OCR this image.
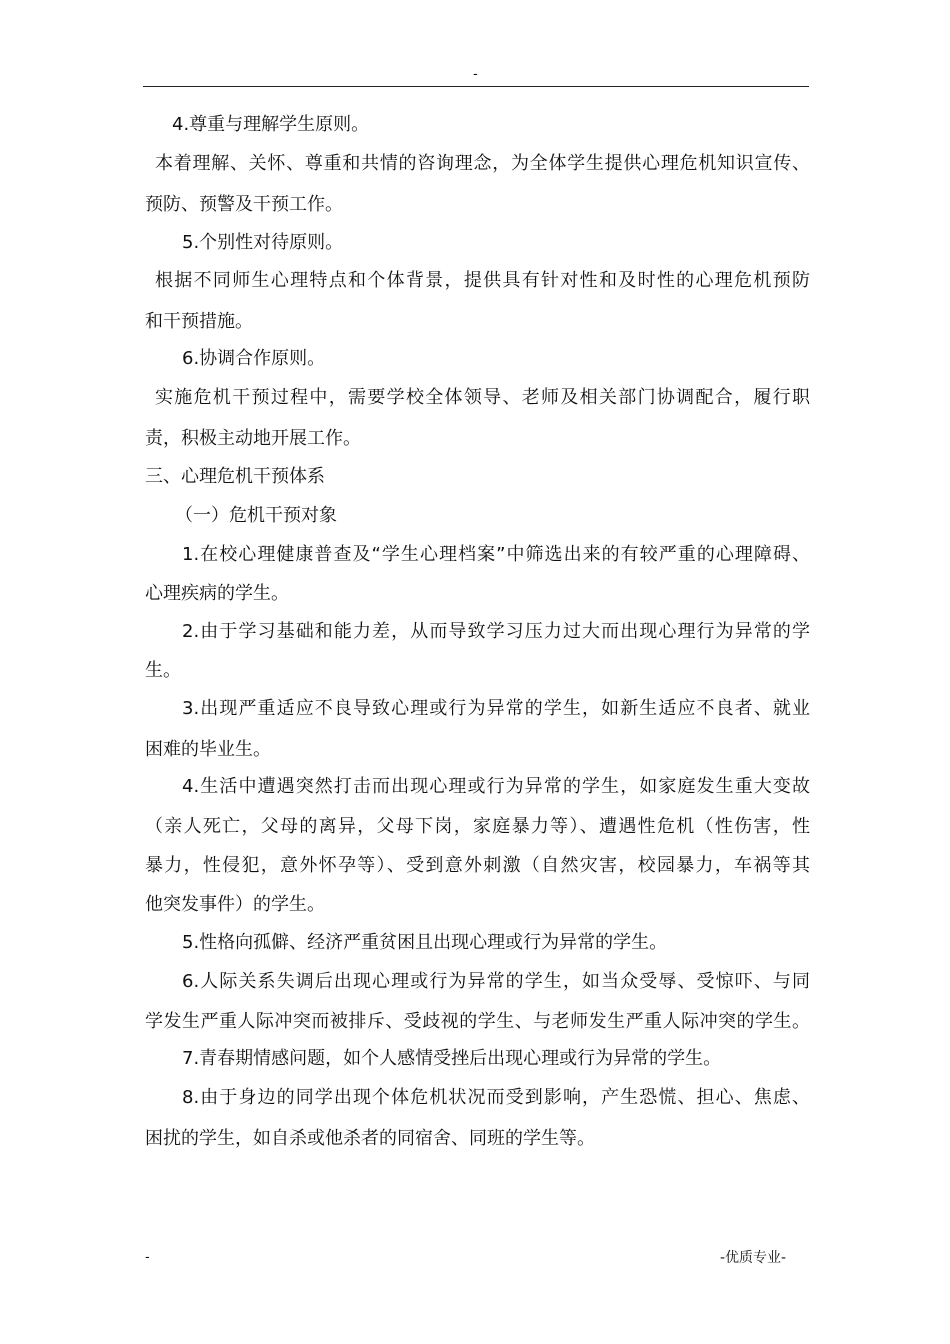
-
4.尊重与理解学生原则。
本着理解、关怀、尊重和共情的咨询理念，为全体学生提供心理危机知识宣传、
预防、预警及干预工作。
5.个别性对待原则。
根据不同师生心理特点和个体背景，提供具有针对性和及时性的心理危机预防
和干预措施。
6.协调合作原则。
实施危机干预过程中，需要学校全体领导、老师及相关部门协调配合，履行职
责，积极主动地开展工作。
三、心理危机干预体系
（一）危机干预对象
1.在校心理健康普查及“学生心理档案”中筛选出来的有较严重的心理障碍、
心理疾病的学生。
2.由于学习基础和能力差，从而导致学习压力过大而出现心理行为异常的学
生。
3.出现严重适应不良导致心理或行为异常的学生，如新生适应不良者、就业
困难的毕业生。
4.生活中遭遇突然打击而出现心理或行为异常的学生，如家庭发生重大变故
（亲人死亡，父母的离异，父母下岗，家庭暴力等）、遭遇性危机（性伤害，性
暴力，性侵犯，意外怀孕等）、受到意外刺激（自然灾害，校园暴力，车祸等其
他突发事件）的学生。
5.性格向孤僻、经济严重贫困且出现心理或行为异常的学生。
6.人际关系失调后出现心理或行为异常的学生，如当众受辱、受惊吓、与同
学发生严重人际冲突而被排斥、受歧视的学生、与老师发生严重人际冲突的学生。
7.青春期情感问题，如个人感情受挫后出现心理或行为异常的学生。
8.由于身边的同学出现个体危机状况而受到影响，产生恐慌、担心、焦虑、
困扰的学生，如自杀或他杀者的同宿舍、同班的学生等。
-	-优质专业-
